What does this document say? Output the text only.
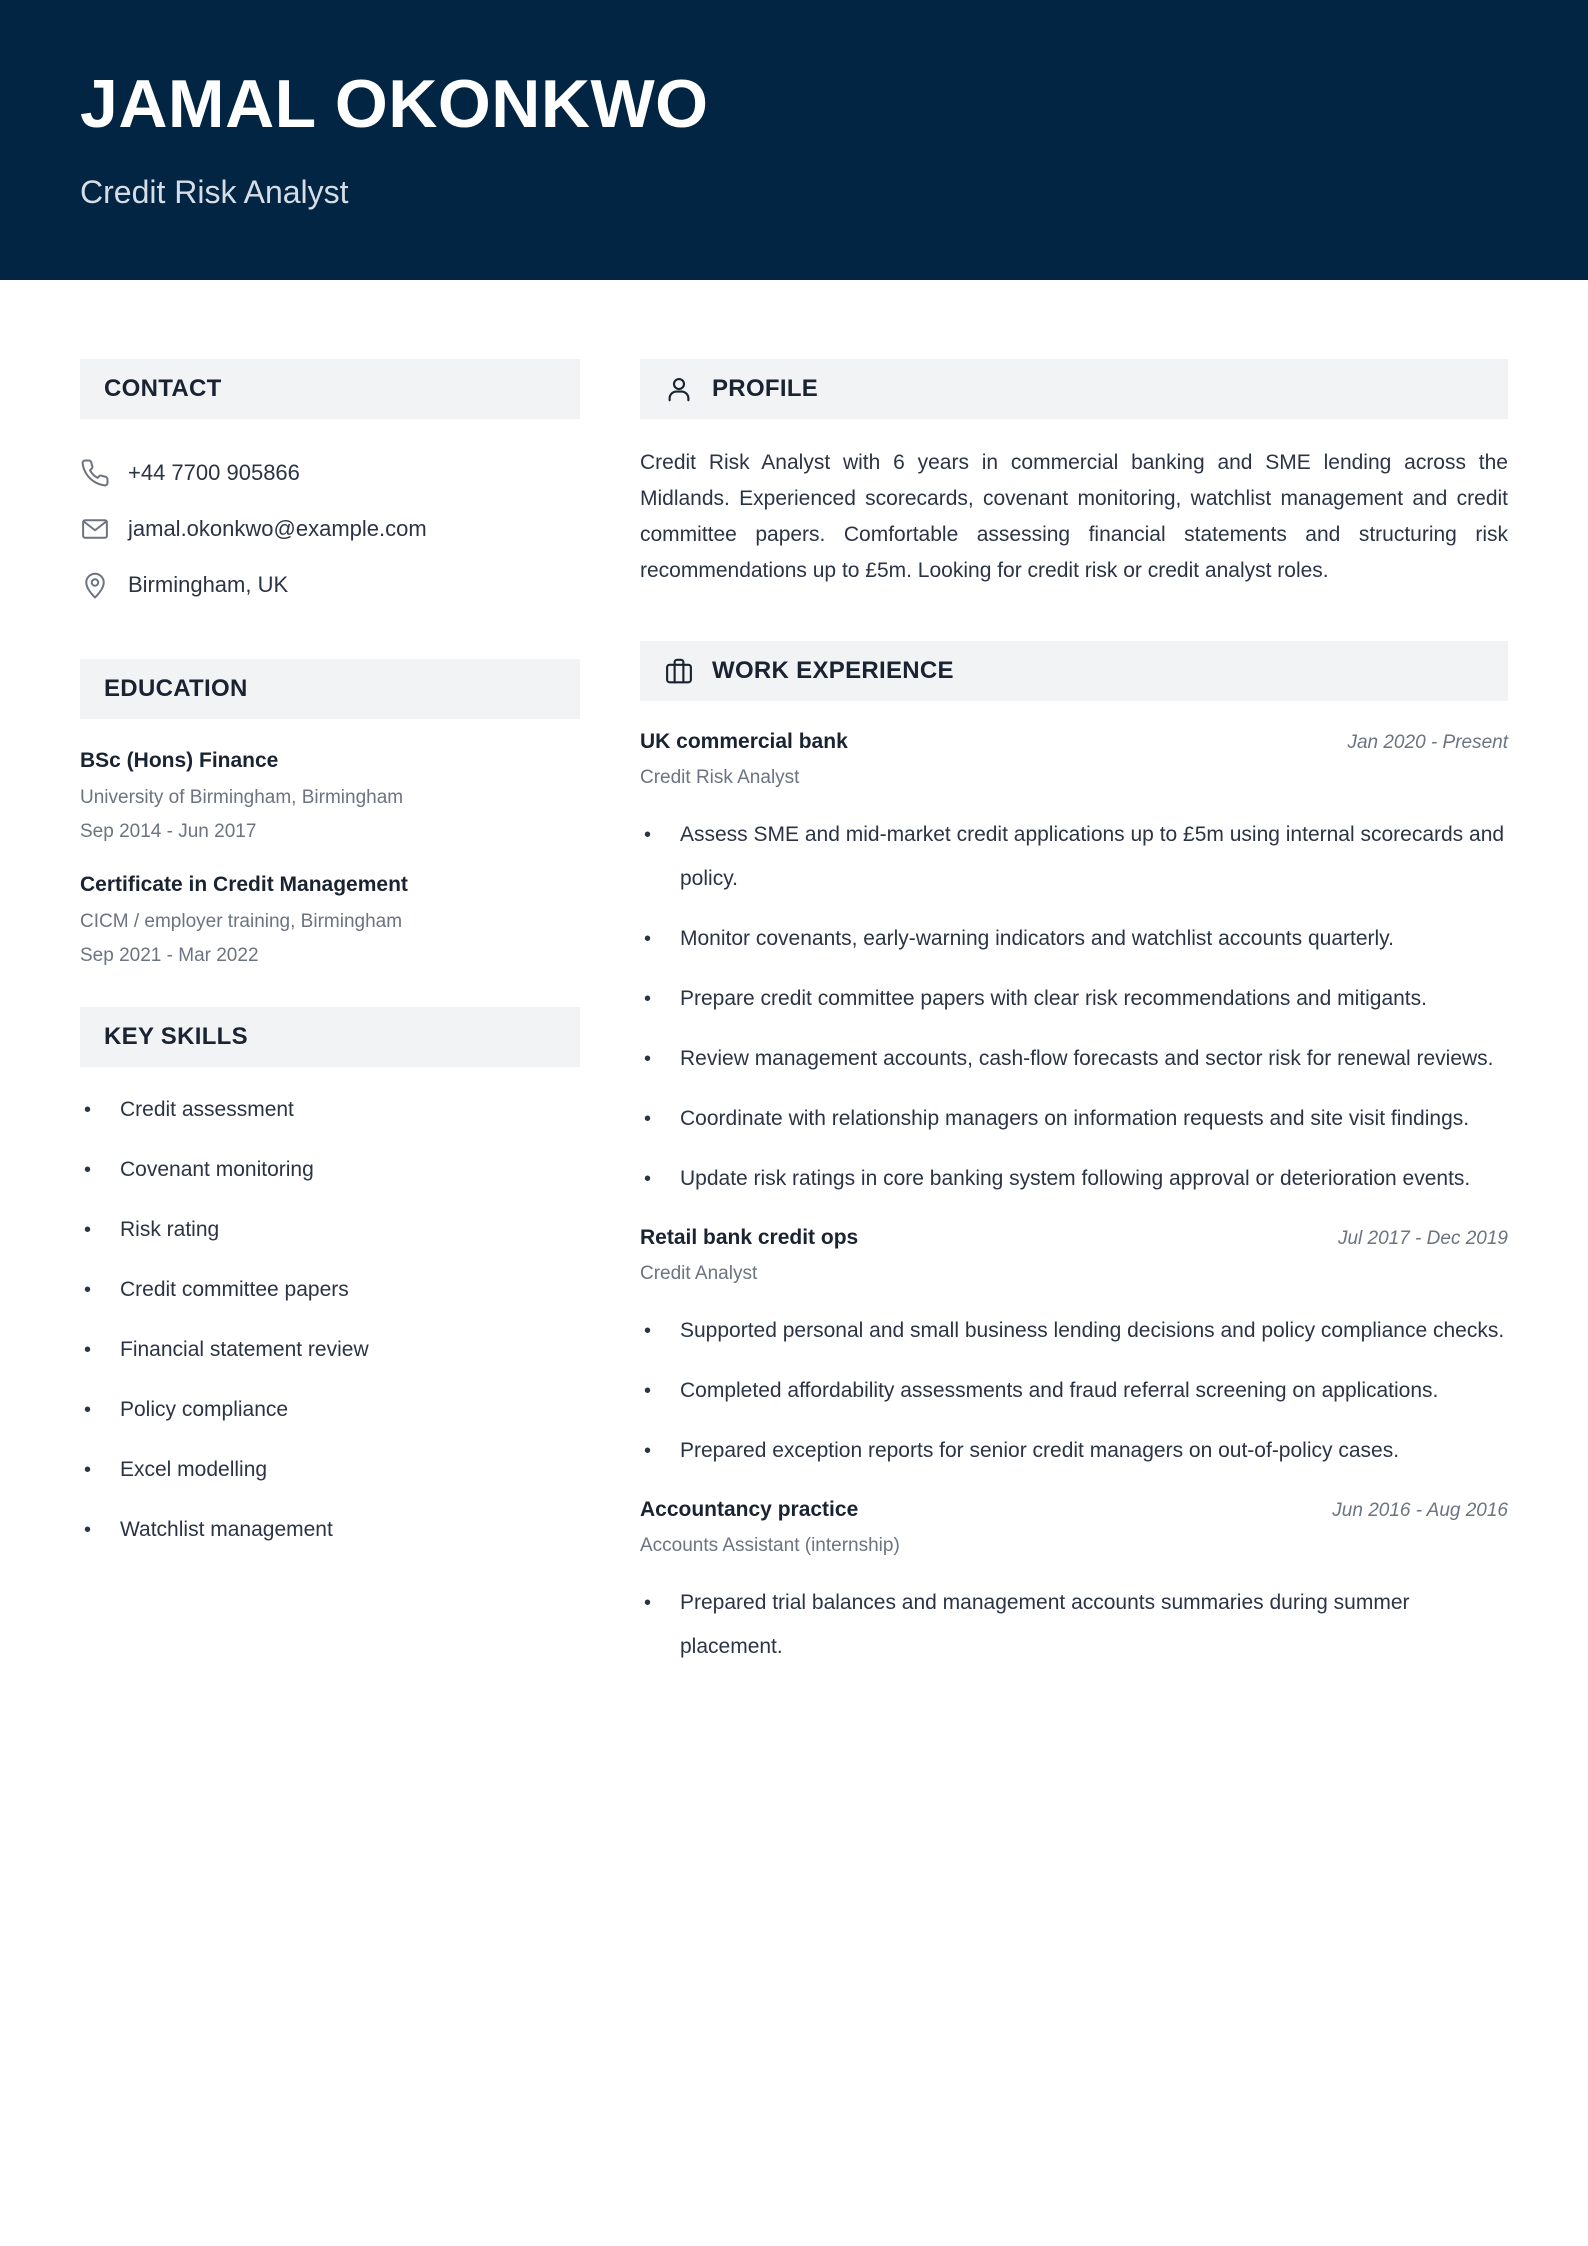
JAMAL OKONKWO
Credit Risk Analyst
CONTACT
+44 7700 905866
jamal.okonkwo@example.com
Birmingham, UK
EDUCATION
BSc (Hons) Finance
University of Birmingham, Birmingham
Sep 2014 - Jun 2017
Certificate in Credit Management
CICM / employer training, Birmingham
Sep 2021 - Mar 2022
KEY SKILLS
• Credit assessment
• Covenant monitoring
• Risk rating
• Credit committee papers
• Financial statement review
• Policy compliance
• Excel modelling
• Watchlist management
PROFILE

Credit Risk Analyst with 6 years in commercial banking and SME lending across the Midlands. Experienced scorecards, covenant monitoring, watchlist management and credit committee papers. Comfortable assessing financial statements and structuring risk recommendations up to £5m. Looking for credit risk or credit analyst roles.

WORK EXPERIENCE
UK commercial bank	Jan 2020 - Present
Credit Risk Analyst
• Assess SME and mid-market credit applications up to £5m using internal scorecards and policy.
• Monitor covenants, early-warning indicators and watchlist accounts quarterly.
• Prepare credit committee papers with clear risk recommendations and mitigants.
• Review management accounts, cash-flow forecasts and sector risk for renewal reviews.
• Coordinate with relationship managers on information requests and site visit findings.
• Update risk ratings in core banking system following approval or deterioration events.
Retail bank credit ops	Jul 2017 - Dec 2019
Credit Analyst
• Supported personal and small business lending decisions and policy compliance checks.
• Completed affordability assessments and fraud referral screening on applications.
• Prepared exception reports for senior credit managers on out-of-policy cases.
Accountancy practice	Jun 2016 - Aug 2016
Accounts Assistant (internship)
• Prepared trial balances and management accounts summaries during summer placement.
